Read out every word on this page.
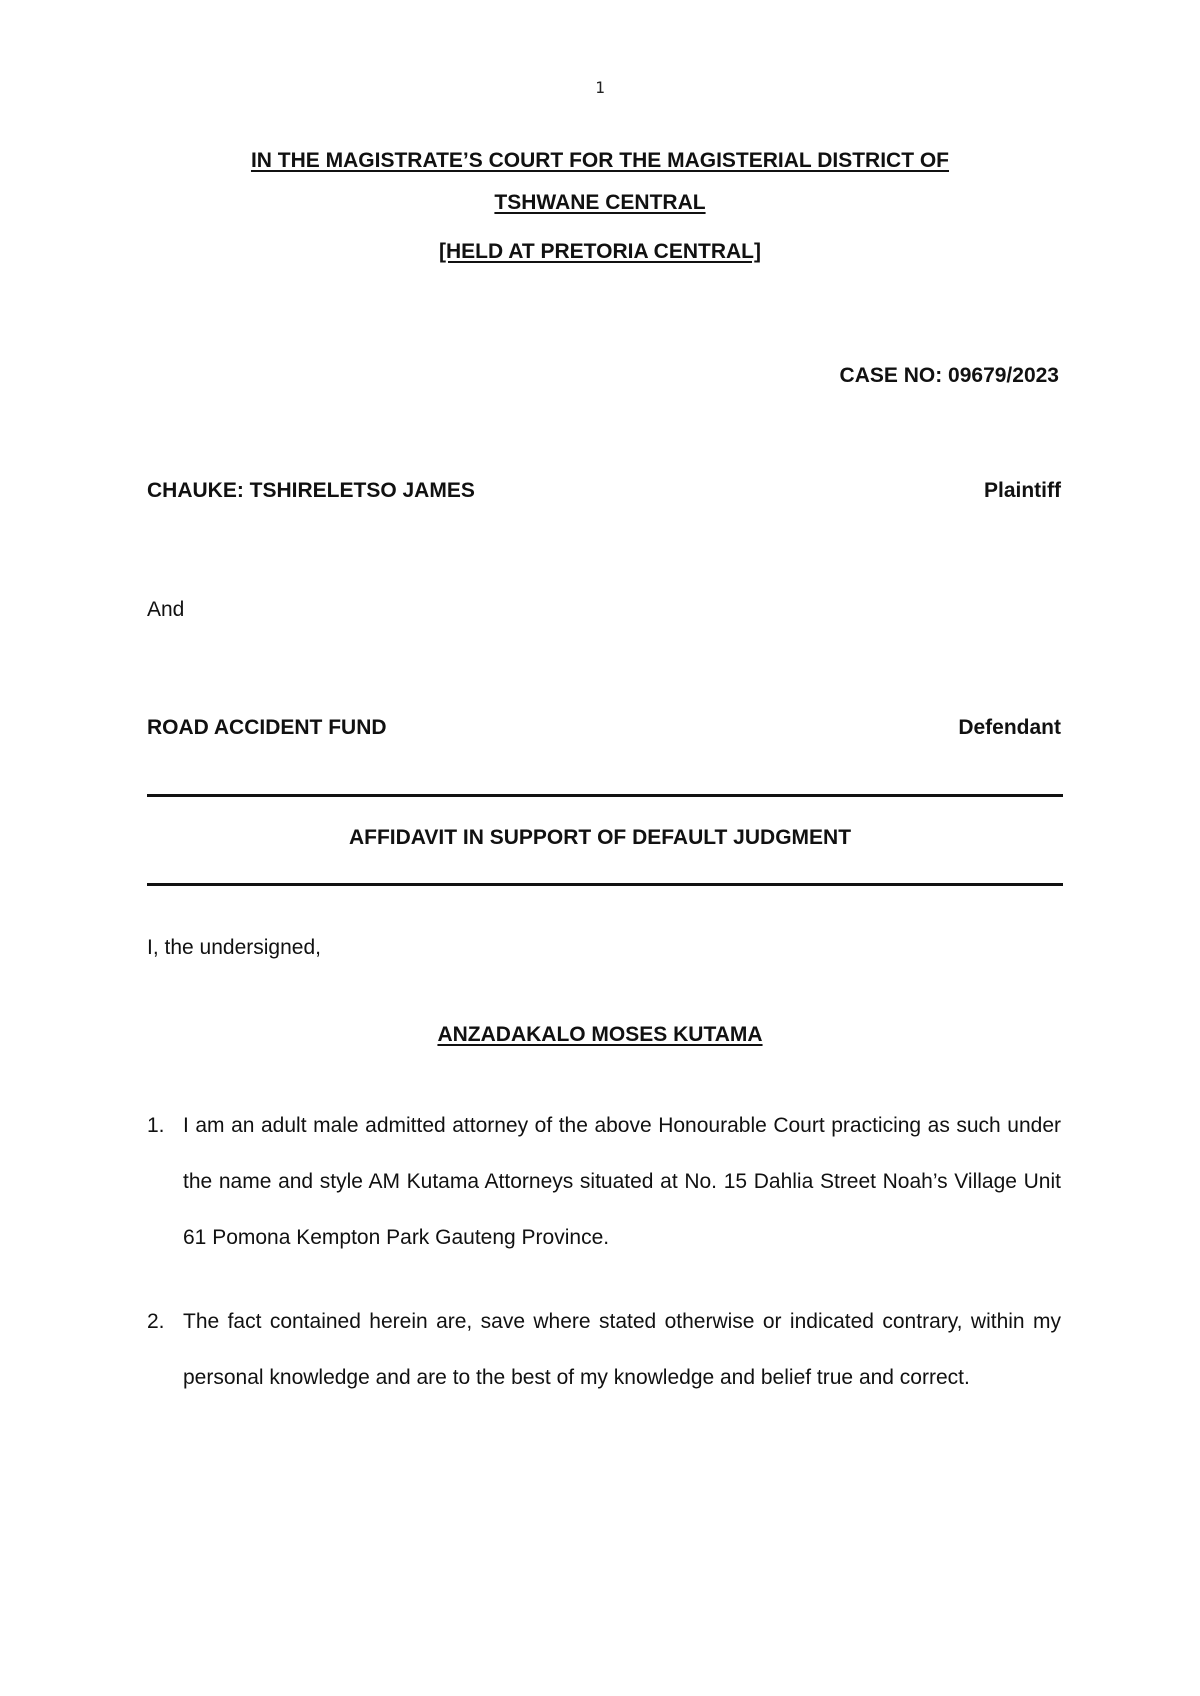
1
IN THE MAGISTRATE’S COURT FOR THE MAGISTERIAL DISTRICT OF
TSHWANE CENTRAL
[HELD AT PRETORIA CENTRAL]
CASE NO: 09679/2023
CHAUKE: TSHIRELETSO JAMES	Plaintiff
And
ROAD ACCIDENT FUND	Defendant
AFFIDAVIT IN SUPPORT OF DEFAULT JUDGMENT
I, the undersigned,
ANZADAKALO MOSES KUTAMA
1. I am an adult male admitted attorney of the above Honourable Court practicing as such under the name and style AM Kutama Attorneys situated at No. 15 Dahlia Street Noah’s Village Unit 61 Pomona Kempton Park Gauteng Province.
2. The fact contained herein are, save where stated otherwise or indicated contrary, within my personal knowledge and are to the best of my knowledge and belief true and correct.
